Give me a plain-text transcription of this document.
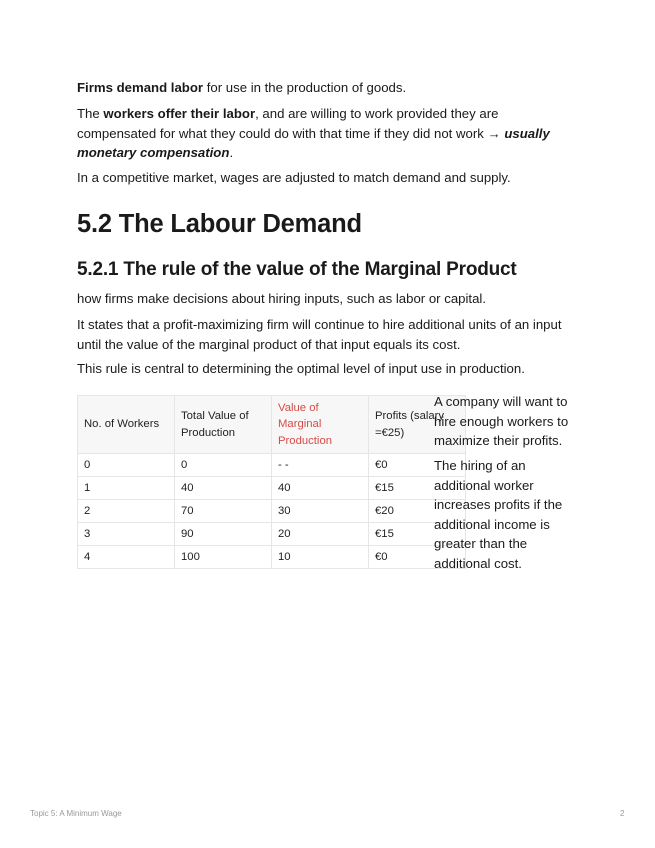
Firms demand labor for use in the production of goods.

The workers offer their labor, and are willing to work provided they are compensated for what they could do with that time if they did not work → usually monetary compensation.

In a competitive market, wages are adjusted to match demand and supply.

5.2 The Labour Demand
5.2.1 The rule of the value of the Marginal Product

how firms make decisions about hiring inputs, such as labor or capital.

It states that a profit-maximizing firm will continue to hire additional units of an input until the value of the marginal product of that input equals its cost.

This rule is central to determining the optimal level of input use in production.

No. of Workers	Total Value of Production	Value of Marginal Production	Profits (salary =€25)
0	0	- -	€0
1	40	40	€15
2	70	30	€20
3	90	20	€15
4	100	10	€0

A company will want to hire enough workers to maximize their profits.

The hiring of an additional worker increases profits if the additional income is greater than the additional cost.

Topic 5: A Minimum Wage	2
